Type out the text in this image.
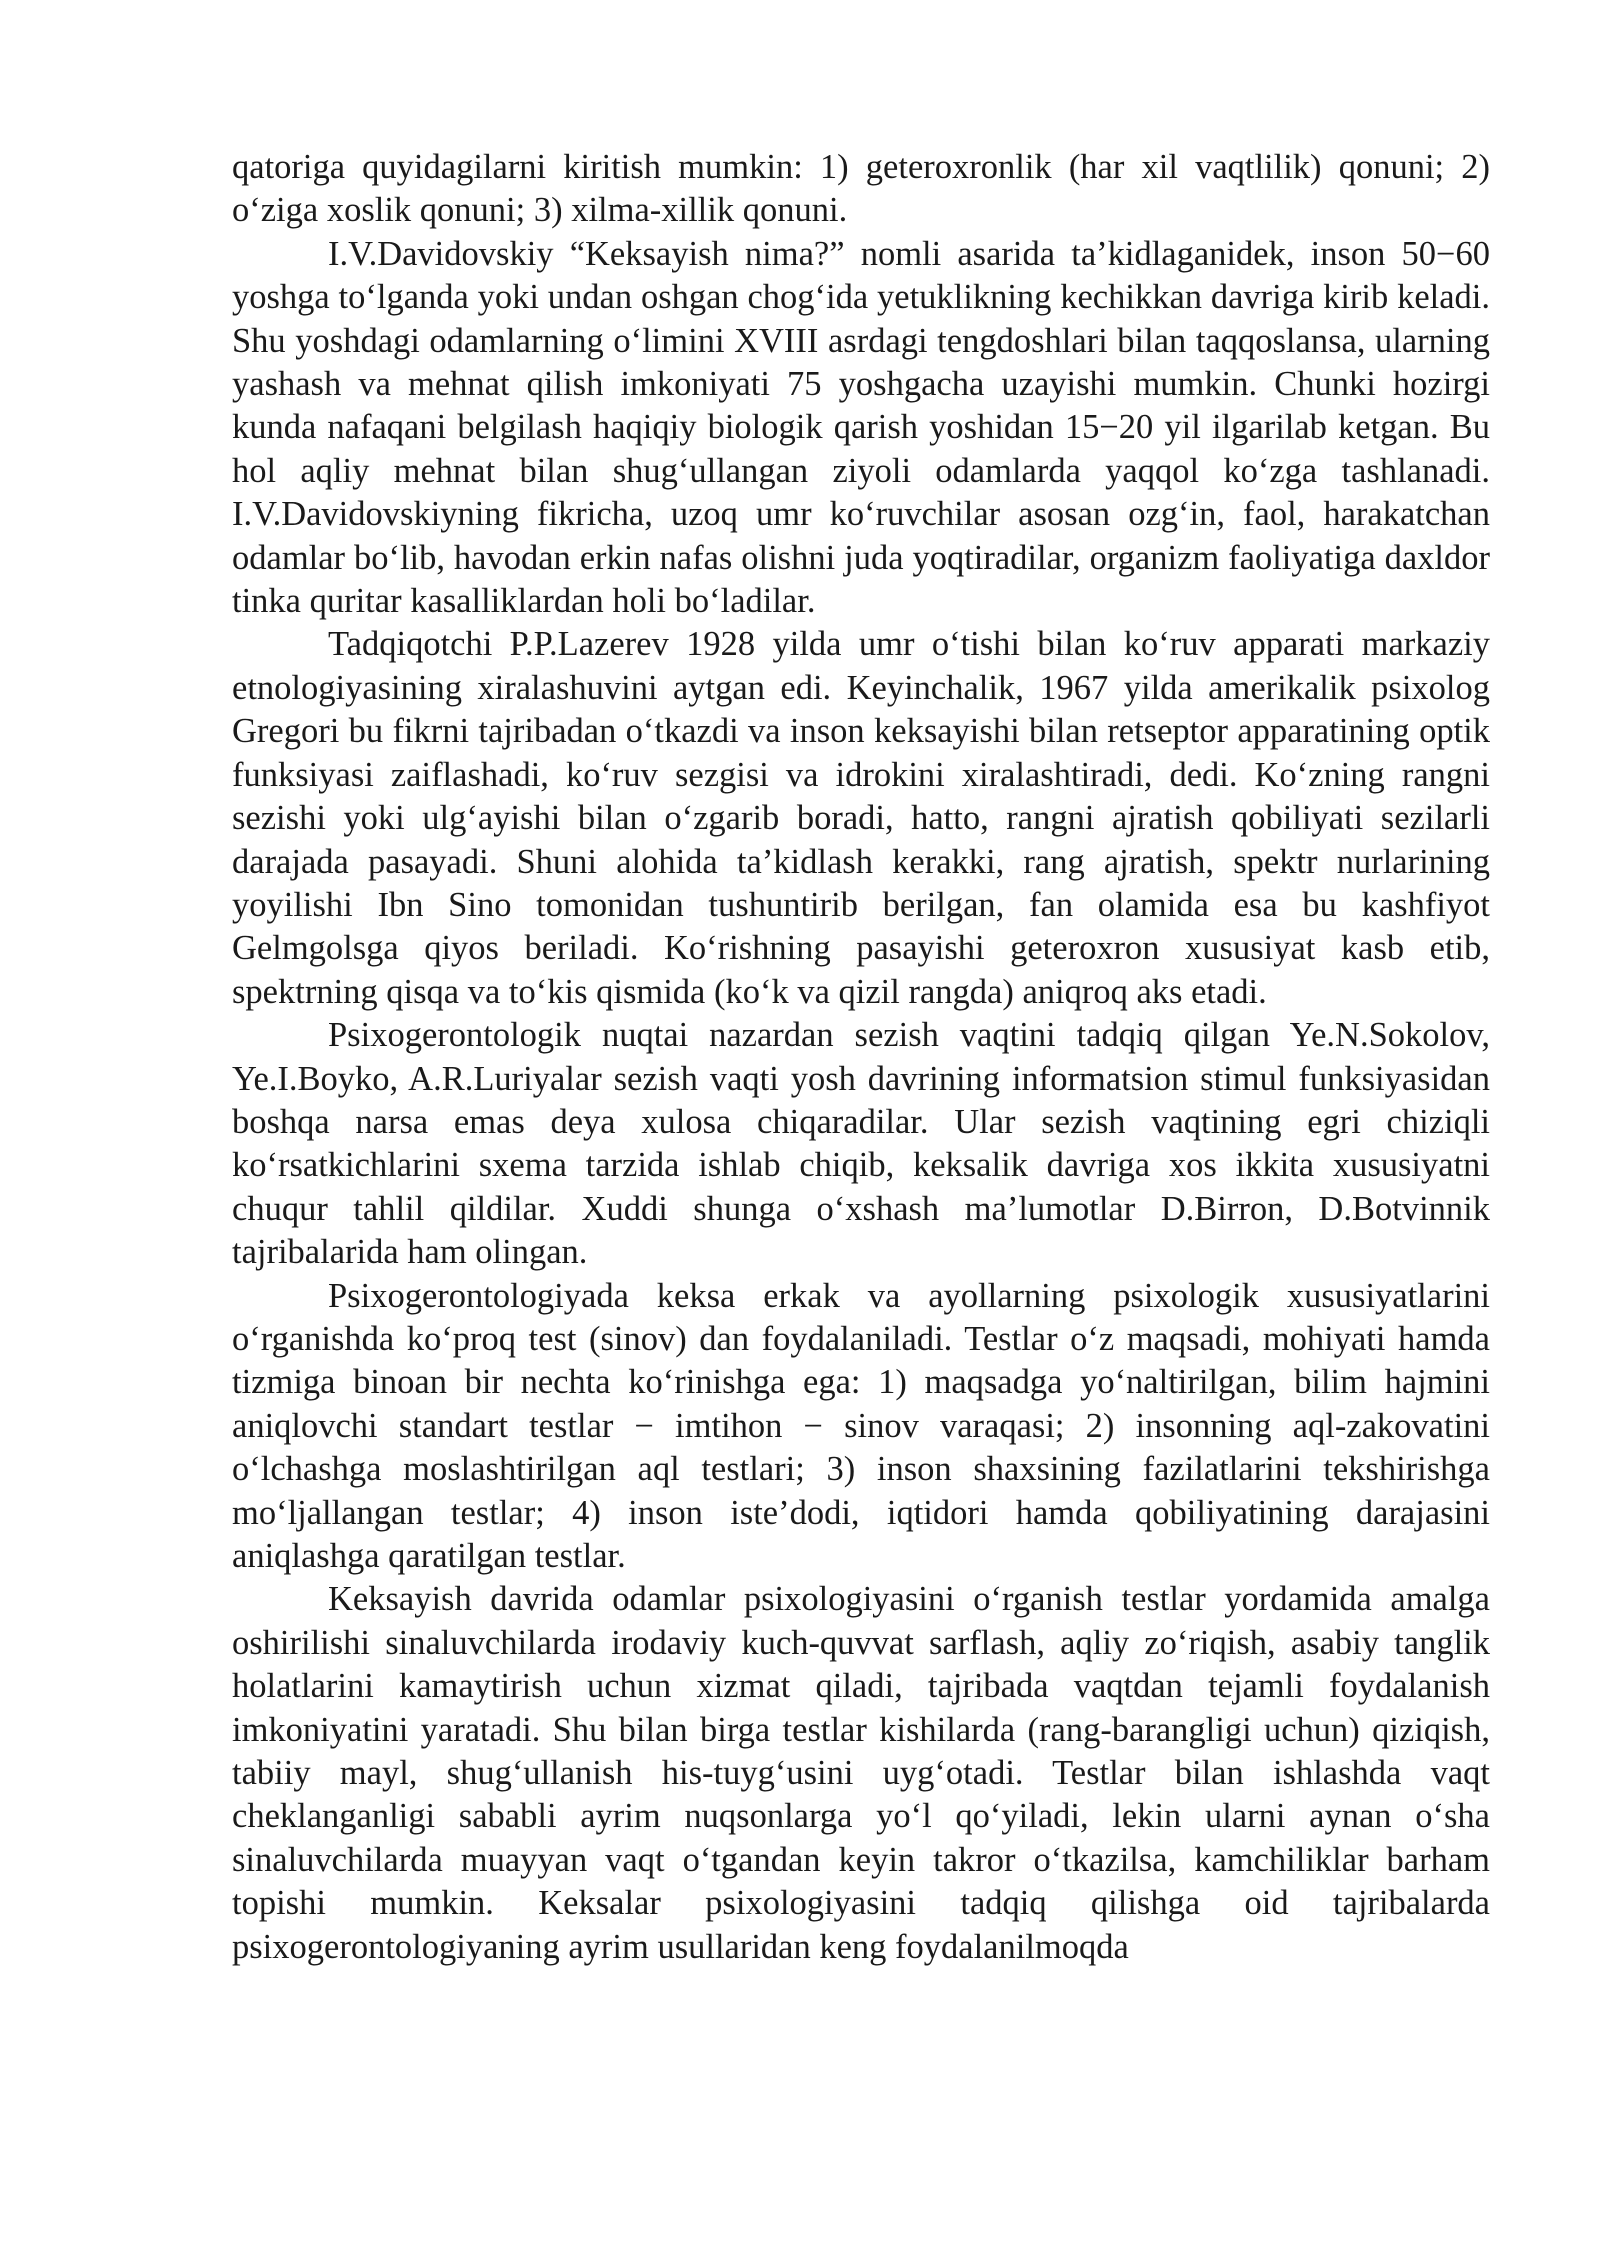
qatoriga quyidagilarni kiritish mumkin: 1) geteroxronlik (har xil vaqtlilik) qonuni; 2) o‘ziga xoslik qonuni; 3) xilma-xillik qonuni.

I.V.Davidovskiy “Keksayish nima?” nomli asarida ta’kidlaganidek, inson 50−60 yoshga to‘lganda yoki undan oshgan chog‘ida yetuklikning kechikkan davriga kirib keladi. Shu yoshdagi odamlarning o‘limini XVIII asrdagi tengdoshlari bilan taqqoslansa, ularning yashash va mehnat qilish imkoniyati 75 yoshgacha uzayishi mumkin. Chunki hozirgi kunda nafaqani belgilash haqiqiy biologik qarish yoshidan 15−20 yil ilgarilab ketgan. Bu hol aqliy mehnat bilan shug‘ullangan ziyoli odamlarda yaqqol ko‘zga tashlanadi. I.V.Davidovskiyning fikricha, uzoq umr ko‘ruvchilar asosan ozg‘in, faol, harakatchan odamlar bo‘lib, havodan erkin nafas olishni juda yoqtiradilar, organizm faoliyatiga daxldor tinka quritar kasalliklardan holi bo‘ladilar.

Tadqiqotchi P.P.Lazerev 1928 yilda umr o‘tishi bilan ko‘ruv apparati markaziy etnologiyasining xiralashuvini aytgan edi. Keyinchalik, 1967 yilda amerikalik psixolog Gregori bu fikrni tajribadan o‘tkazdi va inson keksayishi bilan retseptor apparatining optik funksiyasi zaiflashadi, ko‘ruv sezgisi va idrokini xiralashtiradi, dedi. Ko‘zning rangni sezishi yoki ulg‘ayishi bilan o‘zgarib boradi, hatto, rangni ajratish qobiliyati sezilarli darajada pasayadi. Shuni alohida ta’kidlash kerakki, rang ajratish, spektr nurlarining yoyilishi Ibn Sino tomonidan tushuntirib berilgan, fan olamida esa bu kashfiyot Gelmgolsga qiyos beriladi. Ko‘rishning pasayishi geteroxron xususiyat kasb etib, spektrning qisqa va to‘kis qismida (ko‘k va qizil rangda) aniqroq aks etadi.

Psixogerontologik nuqtai nazardan sezish vaqtini tadqiq qilgan Ye.N.Sokolov, Ye.I.Boyko, A.R.Luriyalar sezish vaqti yosh davrining informatsion stimul funksiyasidan boshqa narsa emas deya xulosa chiqaradilar. Ular sezish vaqtining egri chiziqli ko‘rsatkichlarini sxema tarzida ishlab chiqib, keksalik davriga xos ikkita xususiyatni chuqur tahlil qildilar. Xuddi shunga o‘xshash ma’lumotlar D.Birron, D.Botvinnik tajribalarida ham olingan.

Psixogerontologiyada keksa erkak va ayollarning psixologik xususiyatlarini o‘rganishda ko‘proq test (sinov) dan foydalaniladi. Testlar o‘z maqsadi, mohiyati hamda tizmiga binoan bir nechta ko‘rinishga ega: 1) maqsadga yo‘naltirilgan, bilim hajmini aniqlovchi standart testlar − imtihon − sinov varaqasi; 2) insonning aql-zakovatini o‘lchashga moslashtirilgan aql testlari; 3) inson shaxsining fazilatlarini tekshirishga mo‘ljallangan testlar; 4) inson iste’dodi, iqtidori hamda qobiliyatining darajasini aniqlashga qaratilgan testlar.

Keksayish davrida odamlar psixologiyasini o‘rganish testlar yordamida amalga oshirilishi sinaluvchilarda irodaviy kuch-quvvat sarflash, aqliy zo‘riqish, asabiy tanglik holatlarini kamaytirish uchun xizmat qiladi, tajribada vaqtdan tejamli foydalanish imkoniyatini yaratadi. Shu bilan birga testlar kishilarda (rang-barangligi uchun) qiziqish, tabiiy mayl, shug‘ullanish his-tuyg‘usini uyg‘otadi. Testlar bilan ishlashda vaqt cheklanganligi sababli ayrim nuqsonlarga yo‘l qo‘yiladi, lekin ularni aynan o‘sha sinaluvchilarda muayyan vaqt o‘tgandan keyin takror o‘tkazilsa, kamchiliklar barham topishi mumkin. Keksalar psixologiyasini tadqiq qilishga oid tajribalarda psixogerontologiyaning ayrim usullaridan keng foydalanilmoqda
